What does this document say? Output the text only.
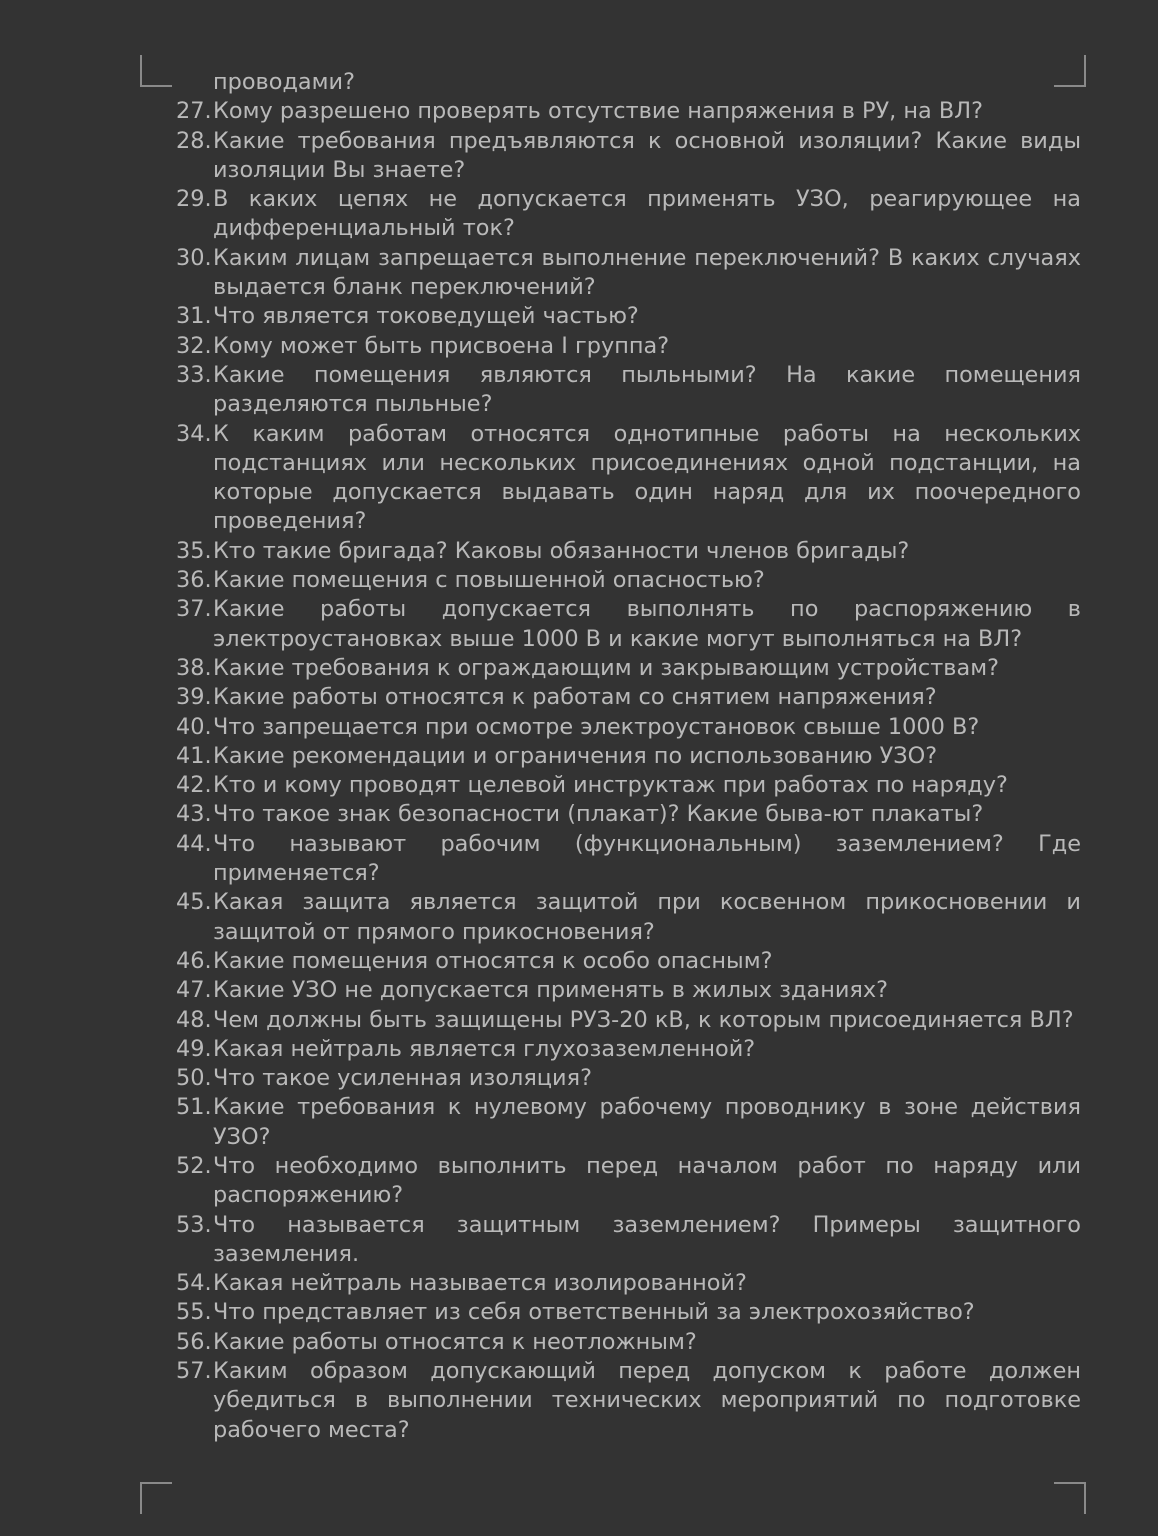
проводами?

27. Кому разрешено проверять отсутствие напряжения в РУ, на ВЛ?
28. Какие требования предъявляются к основной изоляции? Какие виды изоляции Вы знаете?
29. В каких цепях не допускается применять УЗО, реагирующее на дифференциальный ток?
30. Каким лицам запрещается выполнение переключений? В каких случаях выдается бланк переключений?
31. Что является токоведущей частью?
32. Кому может быть присвоена I группа?
33.
Какие помещения являются пыльными? На какие помещения разделяются пыльные?
34. К каким работам относятся однотипные работы на нескольких подстанциях или нескольких присоединениях одной подстанции, на которые допускается выдавать один наряд для их поочередного проведения?
35. Кто такие бригада? Каковы обязанности членов бригады?
36. Какие помещения с повышенной опасностью?
37. Какие работы допускается выполнять по распоряжению в электроустановках выше 1000 В и какие могут выполняться на ВЛ?
38. Какие требования к ограждающим и закрывающим устройствам?
39. Какие работы относятся к работам со снятием напряжения?
40. Что запрещается при осмотре электроустановок свыше 1000 В?
41. Какие рекомендации и ограничения по использованию УЗО?
42. Кто и кому проводят целевой инструктаж при работах по наряду?
43. Что такое знак безопасности (плакат)? Какие быва-ют плакаты?
44. Что называют рабочим (функциональным) заземлением? Где применяется?
45. Какая защита является защитой при косвенном прикосновении и защитой от прямого прикосновения?
46. Какие помещения относятся к особо опасным?
47. Какие УЗО не допускается применять в жилых зданиях?
48. Чем должны быть защищены РУЗ-20 кВ, к которым присоединяется ВЛ?
49. Какая нейтраль является глухозаземленной?
50. Что такое усиленная изоляция?
51. Какие требования к нулевому рабочему проводнику в зоне действия УЗО?
52. Что необходимо выполнить перед началом работ по наряду или распоряжению?
53. Что называется защитным заземлением? Примеры защитного заземления.
54. Какая нейтраль называется изолированной?
55. Что представляет из себя ответственный за электрохозяйство?
56. Какие работы относятся к неотложным?
57. Каким образом допускающий перед допуском к работе должен убедиться в выполнении технических мероприятий по подготовке рабочего места?
